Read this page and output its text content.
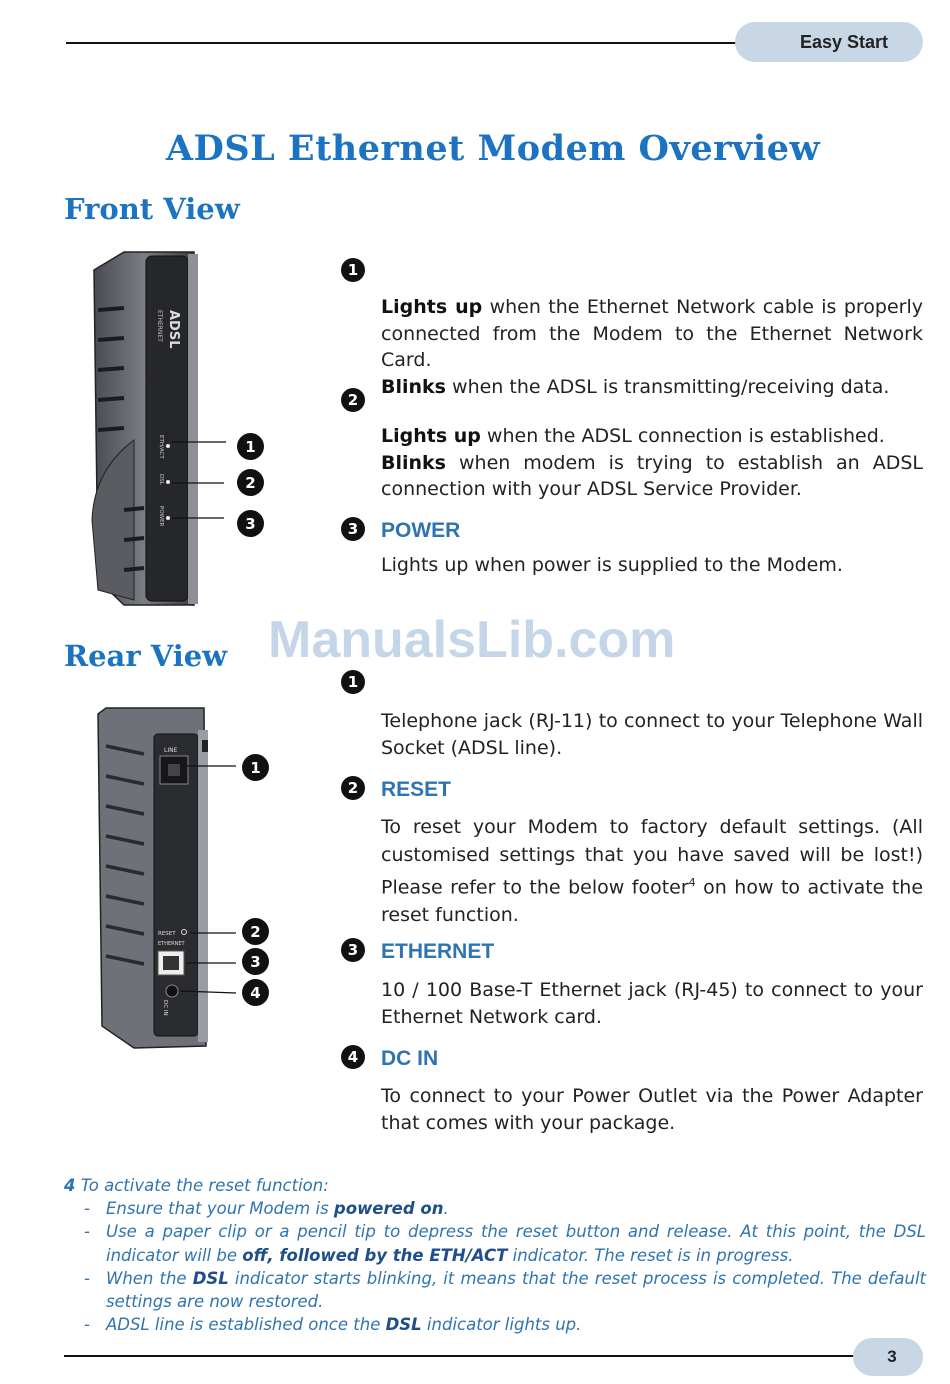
Easy Start
ADSL Ethernet Modem Overview
Front View
ADSL
ETHERNET
ETH/ACT
DSL
POWER
1
2
3
1

Lights up when the Ethernet Network cable is properly connected from the Modem to the Ethernet Network Card.
Blinks when the ADSL is transmitting/receiving data.

2

Lights up when the ADSL connection is established.
Blinks when modem is trying to establish an ADSL connection with your ADSL Service Provider.

3	POWER

Lights up when power is supplied to the Modem.

ManualsLib.com
Rear View
LINE
RESET
ETHERNET
DC IN
1
2
3
4
1

Telephone jack (RJ-11) to connect to your Telephone Wall Socket (ADSL line).

2	RESET

To reset your Modem to factory default settings. (All customised settings that you have saved will be lost!) Please refer to the below footer$^4$ on how to activate the reset function.

3	ETHERNET

10 / 100 Base-T Ethernet jack (RJ-45) to connect to your Ethernet Network card.

4	DC IN

To connect to your Power Outlet via the Power Adapter that comes with your package.

4 To activate the reset function:

- Ensure that your Modem is powered on.
- Use a paper clip or a pencil tip to depress the reset button and release. At this point, the DSL indicator will be off, followed by the ETH/ACT indicator. The reset is in progress.
- When the DSL indicator starts blinking, it means that the reset process is completed. The default settings are now restored.
- ADSL line is established once the DSL indicator lights up.
3
